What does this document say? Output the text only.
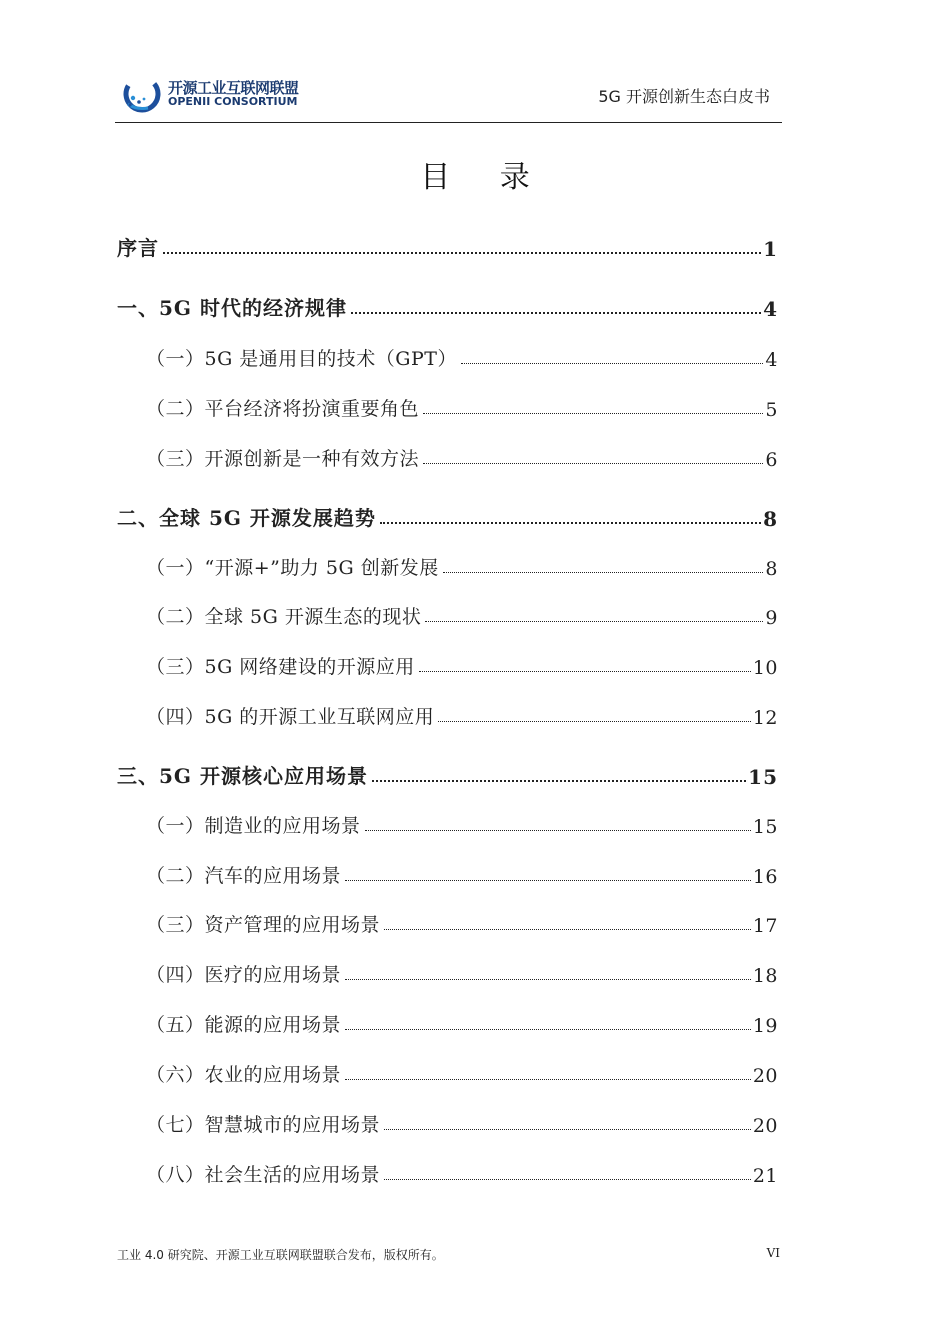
开源工业互联网联盟
OPENII CONSORTIUM	5G 开源创新生态白皮书
目 录
序言	1
一、5G 时代的经济规律	4
（一）5G 是通用目的技术（GPT）	4
（二）平台经济将扮演重要角色	5
（三）开源创新是一种有效方法	6
二、全球 5G 开源发展趋势	8
（一）“开源+”助力 5G 创新发展	8
（二）全球 5G 开源生态的现状	9
（三）5G 网络建设的开源应用	10
（四）5G 的开源工业互联网应用	12
三、5G 开源核心应用场景	15
（一）制造业的应用场景	15
（二）汽车的应用场景	16
（三）资产管理的应用场景	17
（四）医疗的应用场景	18
（五）能源的应用场景	19
（六）农业的应用场景	20
（七）智慧城市的应用场景	20
（八）社会生活的应用场景	21
工业 4.0 研究院、开源工业互联网联盟联合发布，版权所有。	VI
